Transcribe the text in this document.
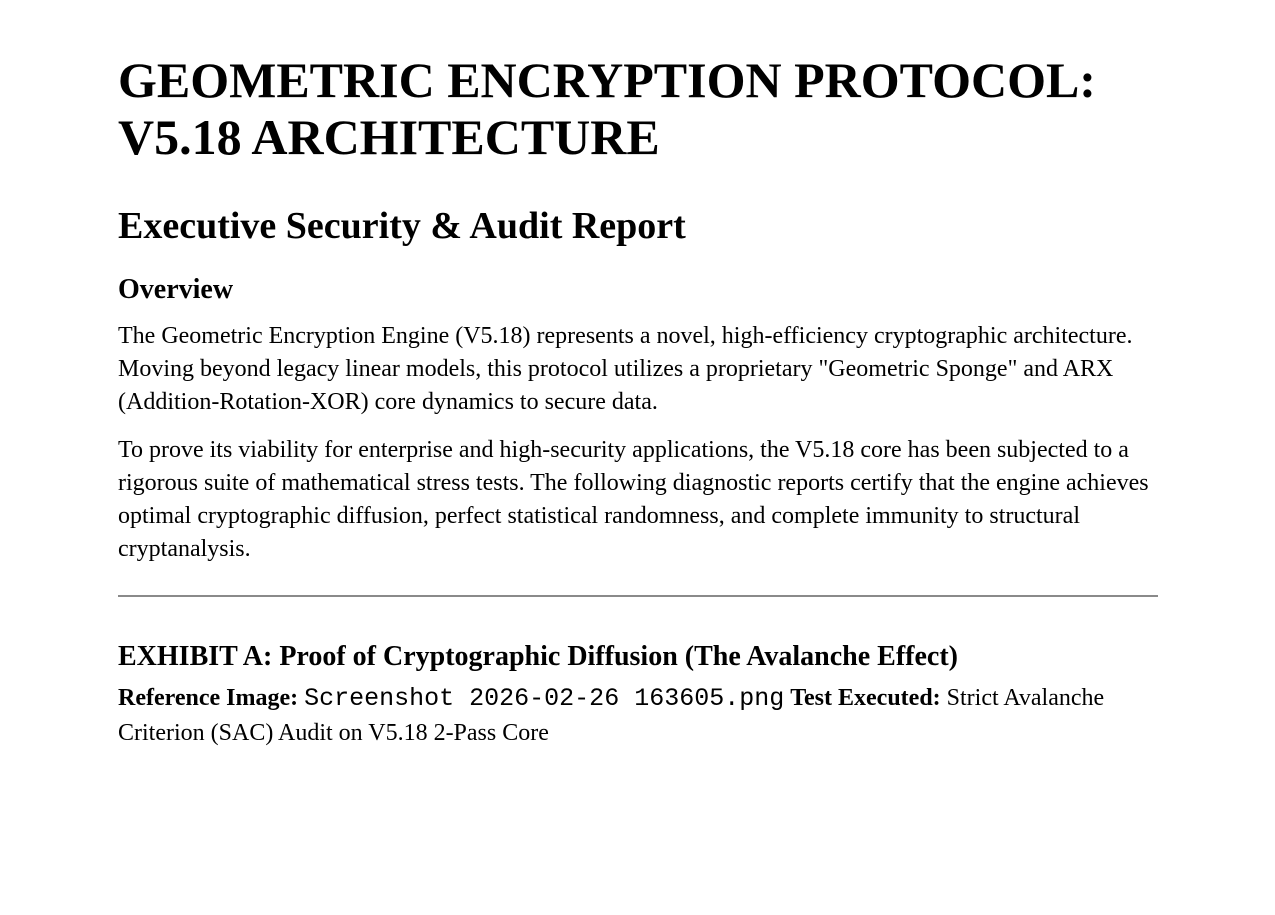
GEOMETRIC ENCRYPTION PROTOCOL: V5.18 ARCHITECTURE
Executive Security & Audit Report
Overview

The Geometric Encryption Engine (V5.18) represents a novel, high-efficiency cryptographic architecture. Moving beyond legacy linear models, this protocol utilizes a proprietary "Geometric Sponge" and ARX (Addition-Rotation-XOR) core dynamics to secure data.

To prove its viability for enterprise and high-security applications, the V5.18 core has been subjected to a rigorous suite of mathematical stress tests. The following diagnostic reports certify that the engine achieves optimal cryptographic diffusion, perfect statistical randomness, and complete immunity to structural cryptanalysis.

EXHIBIT A: Proof of Cryptographic Diffusion (The Avalanche Effect)

Reference Image: Screenshot 2026-02-26 163605.png Test Executed: Strict Avalanche Criterion (SAC) Audit on V5.18 2-Pass Core
